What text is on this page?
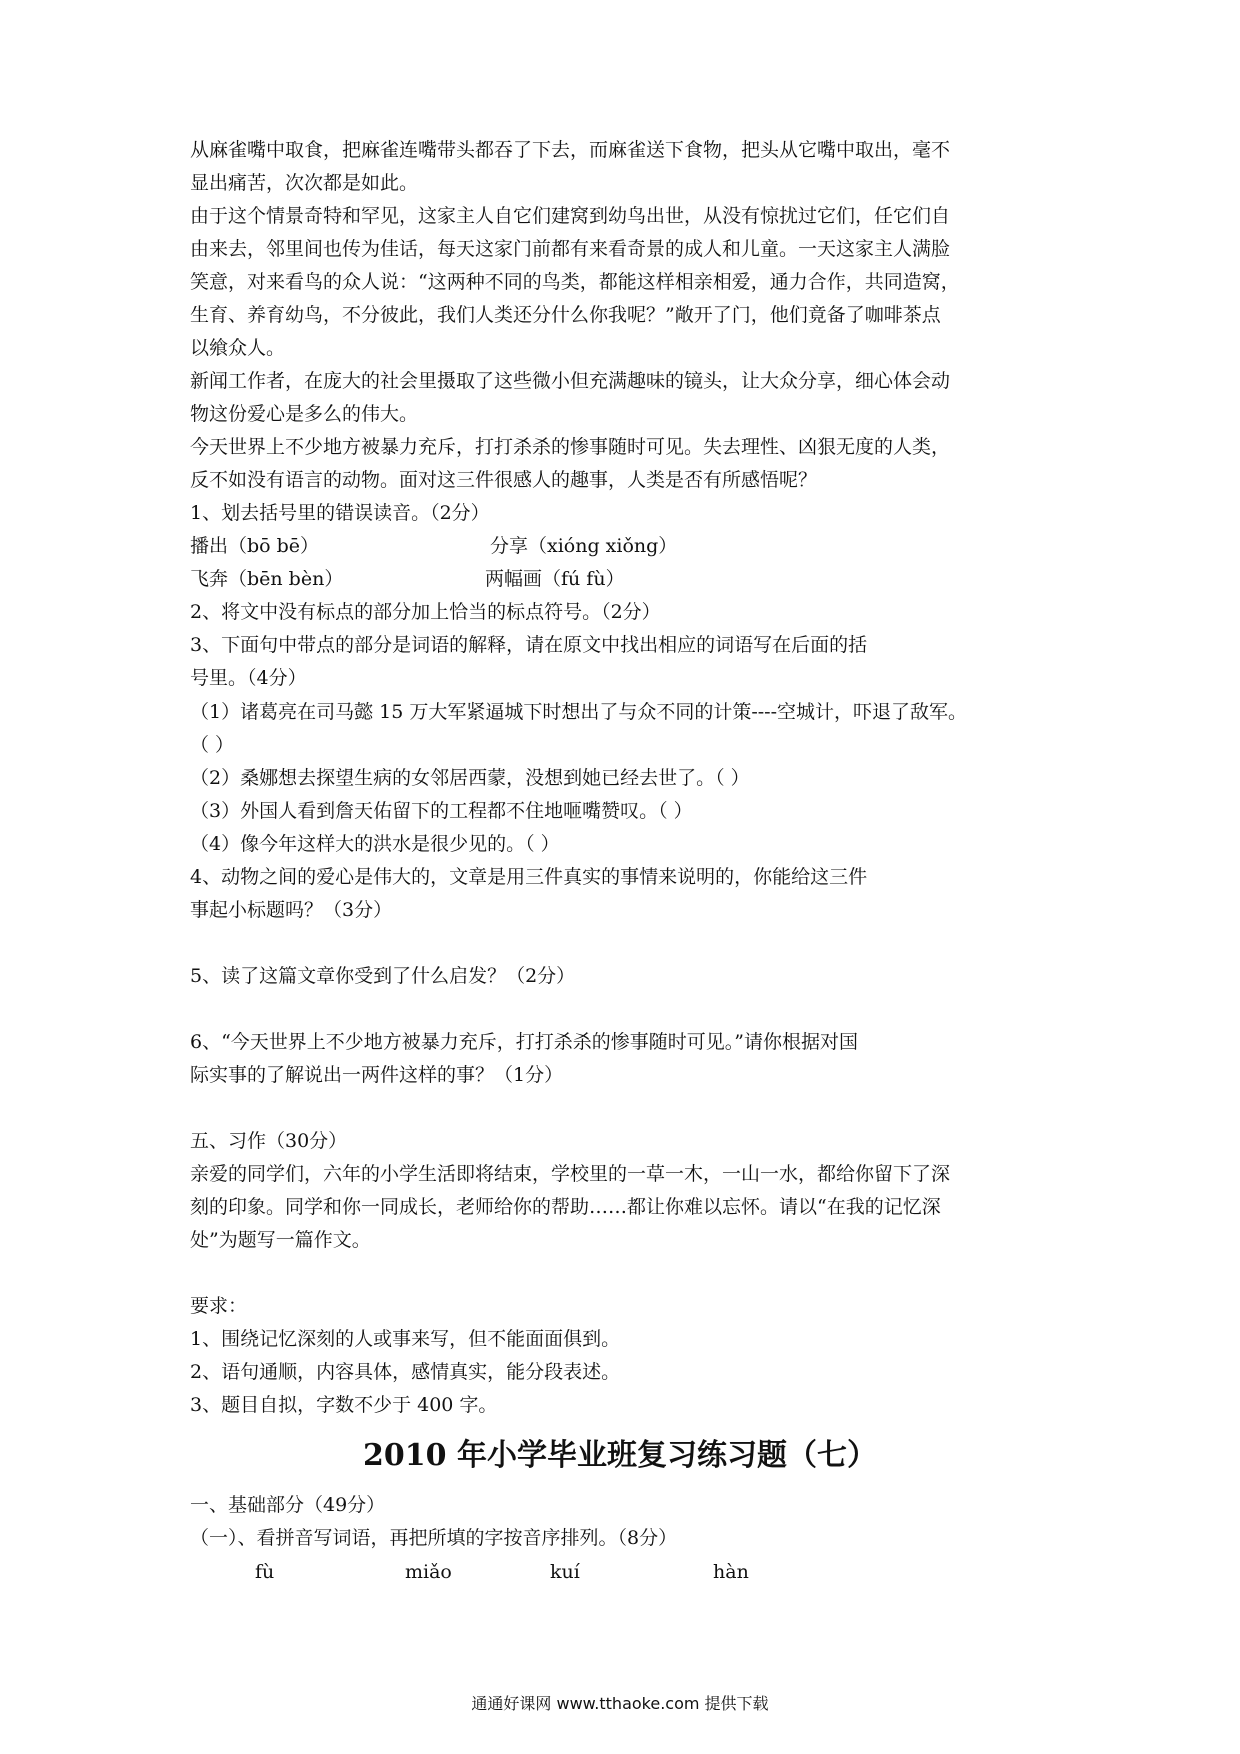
从麻雀嘴中取食，把麻雀连嘴带头都吞了下去，而麻雀送下食物，把头从它嘴中取出，毫不
显出痛苦，次次都是如此。
由于这个情景奇特和罕见，这家主人自它们建窝到幼鸟出世，从没有惊扰过它们，任它们自
由来去，邻里间也传为佳话，每天这家门前都有来看奇景的成人和儿童。一天这家主人满脸
笑意，对来看鸟的众人说：“这两种不同的鸟类，都能这样相亲相爱，通力合作，共同造窝，
生育、养育幼鸟，不分彼此，我们人类还分什么你我呢？”敞开了门，他们竟备了咖啡茶点
以飨众人。
新闻工作者，在庞大的社会里摄取了这些微小但充满趣味的镜头，让大众分享，细心体会动
物这份爱心是多么的伟大。
今天世界上不少地方被暴力充斥，打打杀杀的惨事随时可见。失去理性、凶狠无度的人类，
反不如没有语言的动物。面对这三件很感人的趣事，人类是否有所感悟呢？
1、划去括号里的错误读音。（2分）
播出（bō bē）	分享（xióng xiǒng）
飞奔（bēn bèn）	两幅画（fú fù）
2、将文中没有标点的部分加上恰当的标点符号。（2分）
3、下面句中带点的部分是词语的解释，请在原文中找出相应的词语写在后面的括
号里。（4分）
（1）诸葛亮在司马懿 15 万大军紧逼城下时想出了与众不同的计策----空城计，吓退了敌军。
（ ）
（2）桑娜想去探望生病的女邻居西蒙，没想到她已经去世了。（ ）
（3）外国人看到詹天佑留下的工程都不住地咂嘴赞叹。（ ）
（4）像今年这样大的洪水是很少见的。（ ）
4、动物之间的爱心是伟大的，文章是用三件真实的事情来说明的，你能给这三件
事起小标题吗？（3分）
5、读了这篇文章你受到了什么启发？（2分）
6、“今天世界上不少地方被暴力充斥，打打杀杀的惨事随时可见。”请你根据对国
际实事的了解说出一两件这样的事？（1分）
五、习作（30分）
亲爱的同学们，六年的小学生活即将结束，学校里的一草一木，一山一水，都给你留下了深
刻的印象。同学和你一同成长，老师给你的帮助……都让你难以忘怀。请以“在我的记忆深
处”为题写一篇作文。
要求：
1、围绕记忆深刻的人或事来写，但不能面面俱到。
2、语句通顺，内容具体，感情真实，能分段表述。
3、题目自拟，字数不少于 400 字。
2010 年小学毕业班复习练习题（七）
一、基础部分（49分）
（一）、看拼音写词语，再把所填的字按音序排列。（8分）
fù	miǎo	kuí	hàn
通通好课网 www.tthaoke.com 提供下载
